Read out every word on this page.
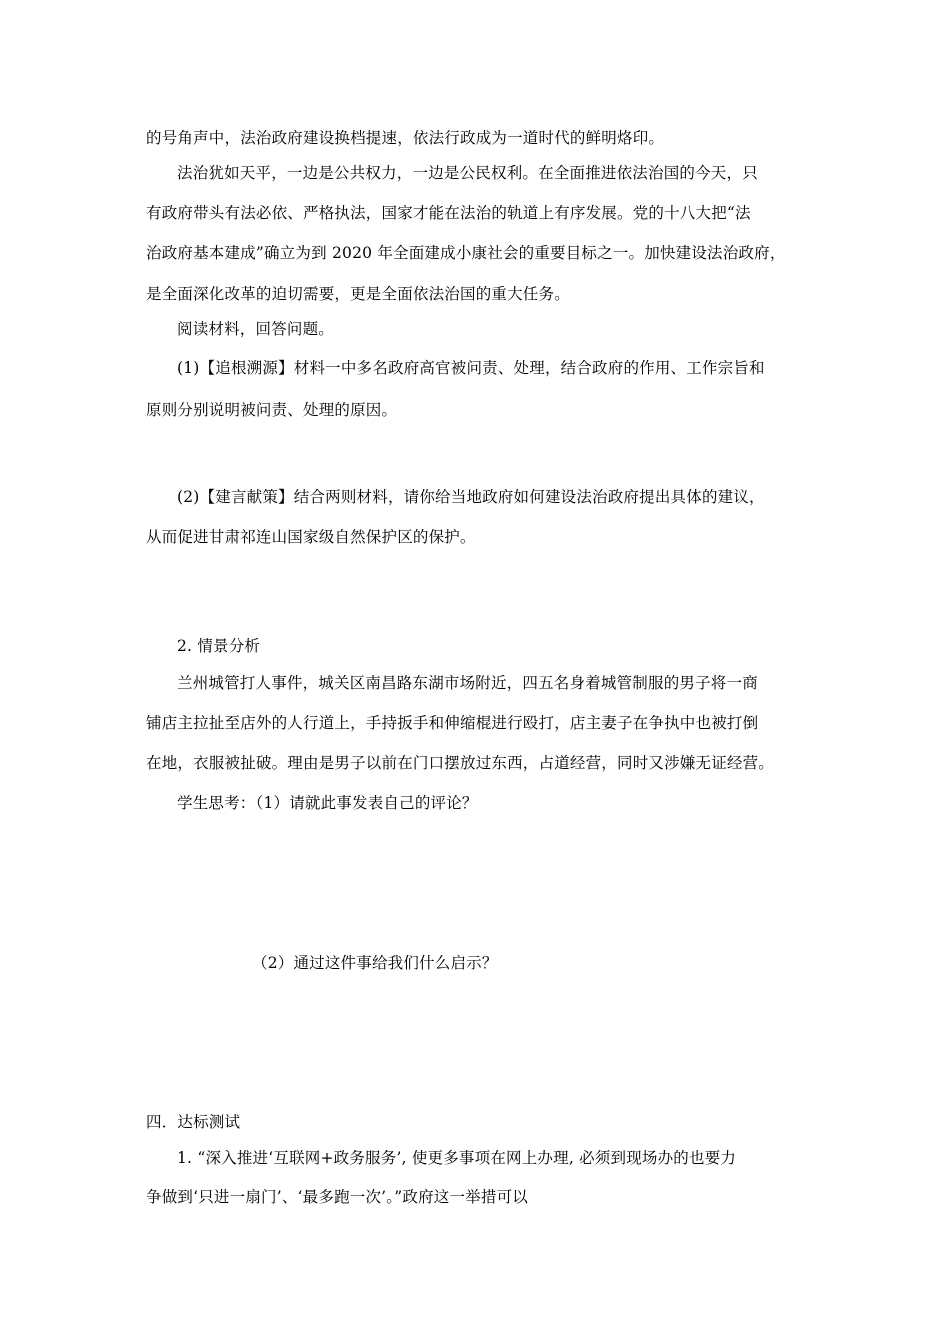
的号角声中，法治政府建设换档提速，依法行政成为一道时代的鲜明烙印。
法治犹如天平，一边是公共权力，一边是公民权利。在全面推进依法治国的今天，只
有政府带头有法必依、严格执法，国家才能在法治的轨道上有序发展。党的十八大把“法
治政府基本建成”确立为到 2020 年全面建成小康社会的重要目标之一。加快建设法治政府，
是全面深化改革的迫切需要，更是全面依法治国的重大任务。
阅读材料，回答问题。
(1)【追根溯源】材料一中多名政府高官被问责、处理，结合政府的作用、工作宗旨和
原则分别说明被问责、处理的原因。
(2)【建言献策】结合两则材料，请你给当地政府如何建设法治政府提出具体的建议，
从而促进甘肃祁连山国家级自然保护区的保护。
2. 情景分析
兰州城管打人事件，城关区南昌路东湖市场附近，四五名身着城管制服的男子将一商
铺店主拉扯至店外的人行道上，手持扳手和伸缩棍进行殴打，店主妻子在争执中也被打倒
在地，衣服被扯破。理由是男子以前在门口摆放过东西，占道经营，同时又涉嫌无证经营。
学生思考：（1）请就此事发表自己的评论？
（2）通过这件事给我们什么启示？
四．达标测试
1. “深入推进‘互联网+政务服务’, 使更多事项在网上办理, 必须到现场办的也要力
争做到‘只进一扇门’、‘最多跑一次’。”政府这一举措可以
